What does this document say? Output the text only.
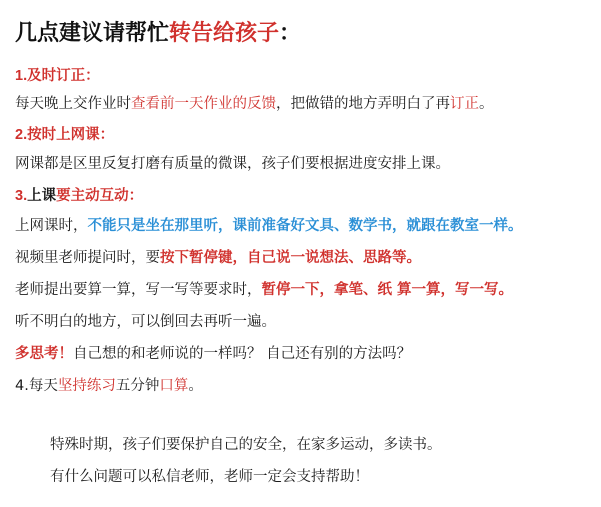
几点建议请帮忙转告给孩子：
1.及时订正：
每天晚上交作业时查看前一天作业的反馈，把做错的地方弄明白了再订正。
2.按时上网课：
网课都是区里反复打磨有质量的微课，孩子们要根据进度安排上课。
3.上课要主动互动：
上网课时，不能只是坐在那里听，课前准备好文具、数学书，就跟在教室一样。
视频里老师提问时，要按下暂停键，自己说一说想法、思路等。
老师提出要算一算，写一写等要求时，暂停一下，拿笔、纸 算一算，写一写。
听不明白的地方，可以倒回去再听一遍。
多思考！自己想的和老师说的一样吗？ 自己还有别的方法吗？
4.每天坚持练习五分钟口算。
特殊时期，孩子们要保护自己的安全，在家多运动，多读书。
有什么问题可以私信老师，老师一定会支持帮助！
